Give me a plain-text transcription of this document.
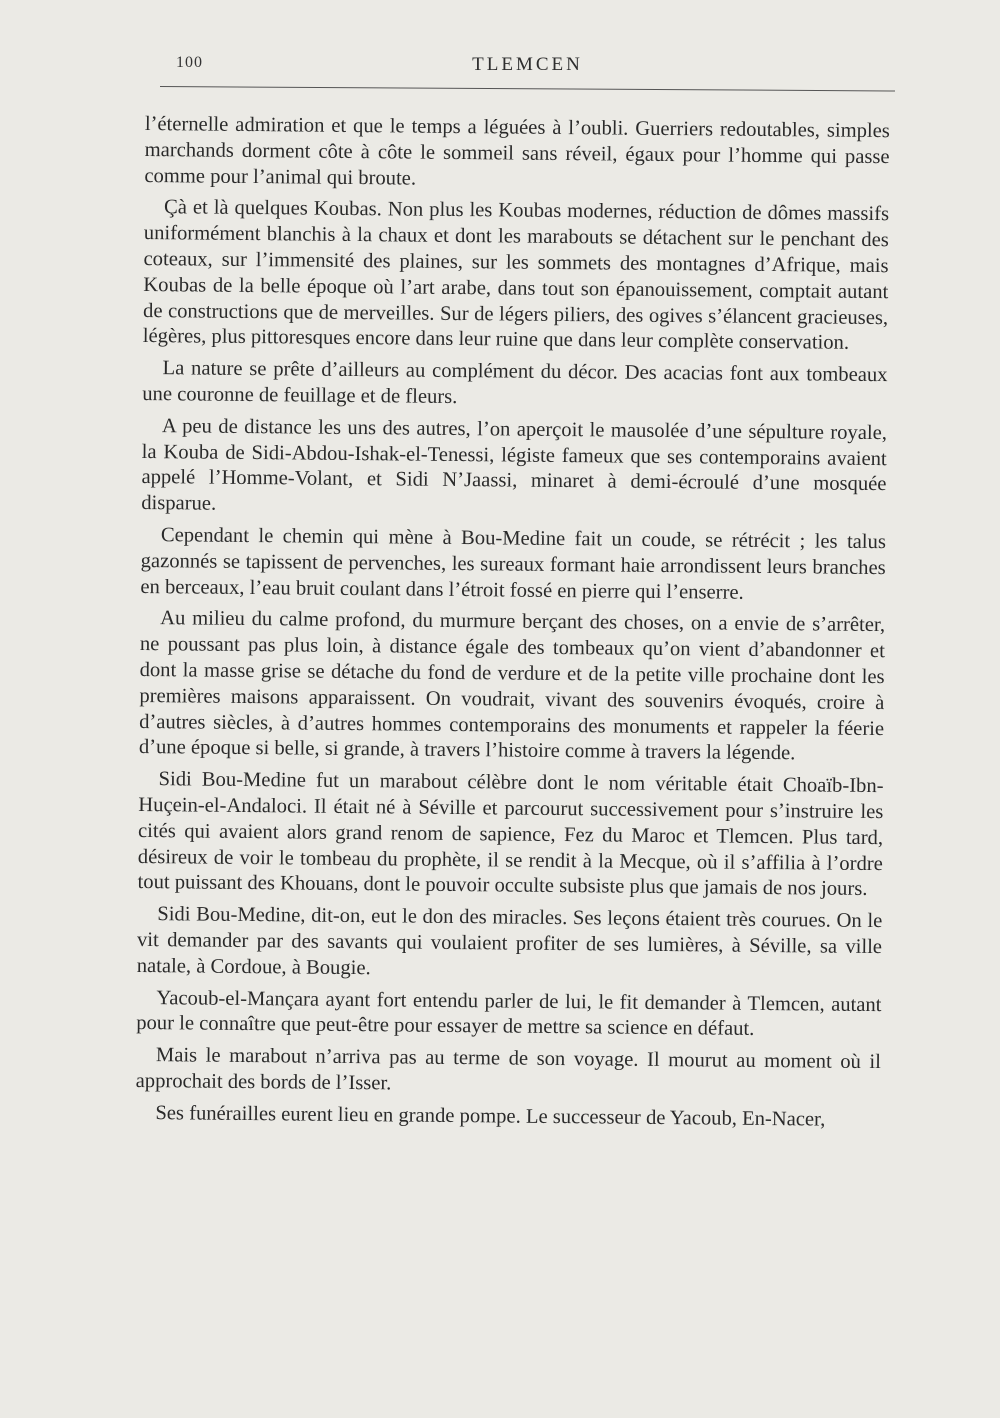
100	TLEMCEN

l’éternelle admiration et que le temps a léguées à l’oubli. Guerriers redoutables, simples marchands dorment côte à côte le sommeil sans réveil, égaux pour l’homme qui passe comme pour l’animal qui broute.

Çà et là quelques Koubas. Non plus les Koubas modernes, réduction de dômes massifs uniformément blanchis à la chaux et dont les marabouts se détachent sur le penchant des coteaux, sur l’immensité des plaines, sur les sommets des montagnes d’Afrique, mais Koubas de la belle époque où l’art arabe, dans tout son épanouissement, comptait autant de constructions que de merveilles. Sur de légers piliers, des ogives s’élancent gracieuses, légères, plus pittoresques encore dans leur ruine que dans leur complète conservation.

La nature se prête d’ailleurs au complément du décor. Des acacias font aux tombeaux une couronne de feuillage et de fleurs.

A peu de distance les uns des autres, l’on aperçoit le mausolée d’une sépulture royale, la Kouba de Sidi-Abdou-Ishak-el-Tenessi, légiste fameux que ses contemporains avaient appelé l’Homme-Volant, et Sidi N’Jaassi, minaret à demi-écroulé d’une mosquée disparue.

Cependant le chemin qui mène à Bou-Medine fait un coude, se rétrécit ; les talus gazonnés se tapissent de pervenches, les sureaux formant haie arrondissent leurs branches en berceaux, l’eau bruit coulant dans l’étroit fossé en pierre qui l’enserre.

Au milieu du calme profond, du murmure berçant des choses, on a envie de s’arrêter, ne poussant pas plus loin, à distance égale des tombeaux qu’on vient d’abandonner et dont la masse grise se détache du fond de verdure et de la petite ville prochaine dont les premières maisons apparaissent. On voudrait, vivant des souvenirs évoqués, croire à d’autres siècles, à d’autres hommes contemporains des monuments et rappeler la féerie d’une époque si belle, si grande, à travers l’histoire comme à travers la légende.

Sidi Bou-Medine fut un marabout célèbre dont le nom véritable était Choaïb-Ibn-Huçein-el-Andaloci. Il était né à Séville et parcourut successivement pour s’instruire les cités qui avaient alors grand renom de sapience, Fez du Maroc et Tlemcen. Plus tard, désireux de voir le tombeau du prophète, il se rendit à la Mecque, où il s’affilia à l’ordre tout puissant des Khouans, dont le pouvoir occulte subsiste plus que jamais de nos jours.

Sidi Bou-Medine, dit-on, eut le don des miracles. Ses leçons étaient très courues. On le vit demander par des savants qui voulaient profiter de ses lumières, à Séville, sa ville natale, à Cordoue, à Bougie.

Yacoub-el-Mançara ayant fort entendu parler de lui, le fit demander à Tlemcen, autant pour le connaître que peut-être pour essayer de mettre sa science en défaut.

Mais le marabout n’arriva pas au terme de son voyage. Il mourut au moment où il approchait des bords de l’Isser.

Ses funérailles eurent lieu en grande pompe. Le successeur de Yacoub, En-Nacer,
